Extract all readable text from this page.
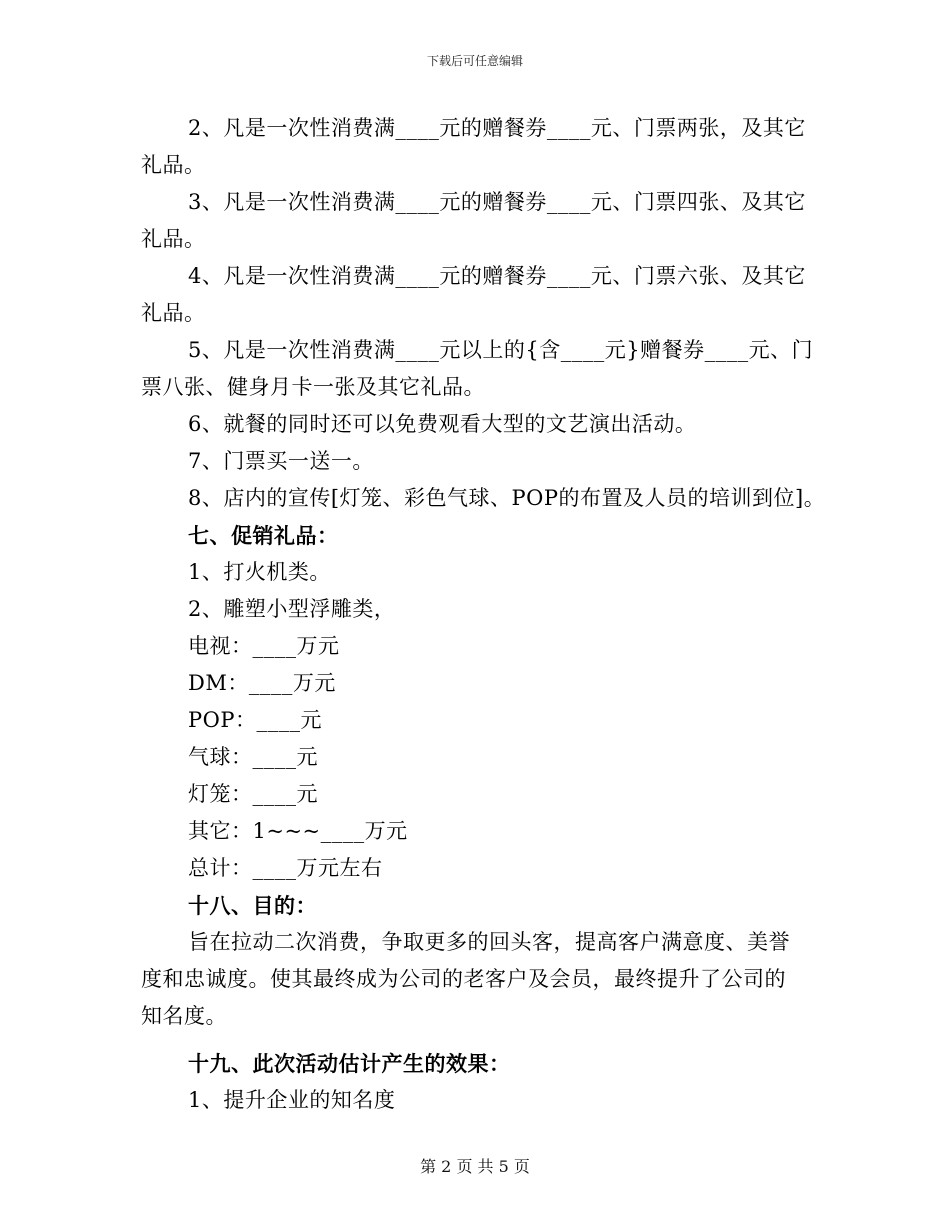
下载后可任意编辑
2、凡是一次性消费满____元的赠餐券____元、门票两张，及其它
礼品。
3、凡是一次性消费满____元的赠餐券____元、门票四张、及其它
礼品。
4、凡是一次性消费满____元的赠餐券____元、门票六张、及其它
礼品。
5、凡是一次性消费满____元以上的{含____元}赠餐券____元、门
票八张、健身月卡一张及其它礼品。
6、就餐的同时还可以免费观看大型的文艺演出活动。
7、门票买一送一。
8、店内的宣传[灯笼、彩色气球、POP的布置及人员的培训到位]。
七、促销礼品：
1、打火机类。
2、雕塑小型浮雕类，
电视：____万元
DM：____万元
POP：____元
气球：____元
灯笼：____元
其它：1~~~____万元
总计：____万元左右
十八、目的：
旨在拉动二次消费，争取更多的回头客，提高客户满意度、美誉
度和忠诚度。使其最终成为公司的老客户及会员，最终提升了公司的
知名度。
十九、此次活动估计产生的效果：
1、提升企业的知名度
第 2 页 共 5 页
